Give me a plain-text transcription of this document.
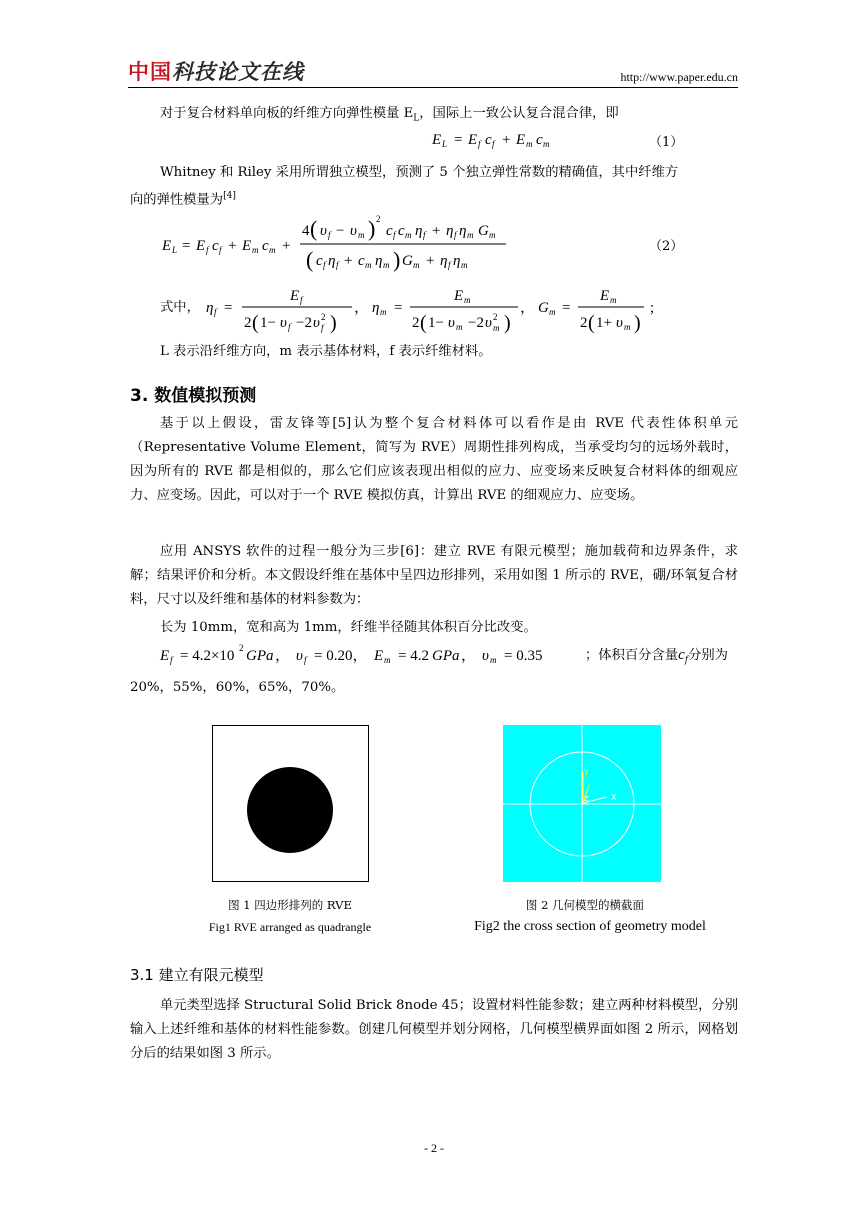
中国 科技论文在线	http://www.paper.edu.cn
对于复合材料单向板的纤维方向弹性模量 $E_L$，国际上一致公认复合混合律，即
E L = E f c f + E m c m	（1）
Whitney 和 Riley 采用所谓独立模型，预测了 5 个独立弹性常数的精确值，其中纤维方
向的弹性模量为[4]
E L = E f c f + E m c m +
4 ( υ f − υ m ) 2
c f c m η f + η f η m G m
( c f η f + c m η m ) G m + η f η m
（2）
式中， η f =
E f
2 ( 1− υ f −2 υ 2
f )
， η m =
E m
2 ( 1− υ m −2 υ 2
m )
， G m =
E m
2 ( 1+ υ m )
;
L 表示沿纤维方向，m 表示基体材料，f 表示纤维材料。
3. 数值模拟预测
基于以上假设，雷友锋等[5]认为整个复合材料体可以看作是由 RVE 代表性体积单元（Representative Volume Element，简写为 RVE）周期性排列构成，当承受均匀的远场外载时，因为所有的 RVE 都是相似的，那么它们应该表现出相似的应力、应变场来反映复合材料体的细观应力、应变场。因此，可以对于一个 RVE 模拟仿真，计算出 RVE 的细观应力、应变场。
应用 ANSYS 软件的过程一般分为三步[6]：建立 RVE 有限元模型；施加载荷和边界条件，求解；结果评价和分析。本文假设纤维在基体中呈四边形排列，采用如图 1 所示的 RVE，硼/环氧复合材料，尺寸以及纤维和基体的材料参数为：
长为 10mm，宽和高为 1mm，纤维半径随其体积百分比改变。
E f = 4.2×10 2 GPa ， υ f = 0.20， E m = 4.2 GPa ， υ m = 0.35	；体积百分含量$c_f$分别为
20%，55%，60%，65%，70%。
图 1 四边形排列的 RVE
Fig1 RVE arranged as quadrangle
Y
Z	X
图 2 几何模型的横截面
Fig2 the cross section of geometry model
3.1 建立有限元模型
单元类型选择 Structural Solid Brick 8node 45；设置材料性能参数；建立两种材料模型，分别输入上述纤维和基体的材料性能参数。创建几何模型并划分网格，几何模型横界面如图 2 所示，网格划分后的结果如图 3 所示。
- 2 -
